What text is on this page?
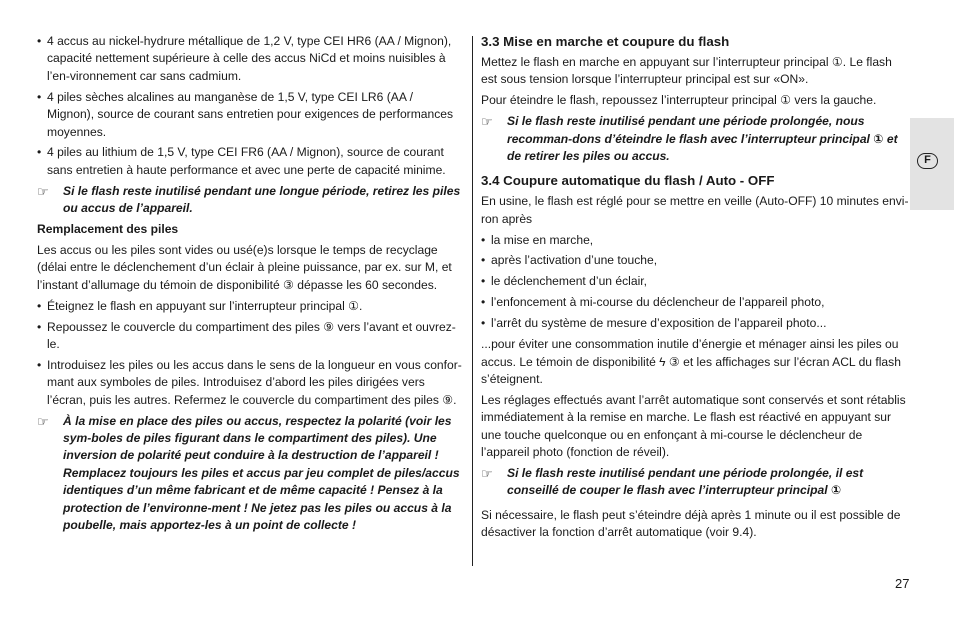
• 4 accus au nickel-hydrure métallique de 1,2 V, type CEI HR6 (AA / Mignon), capacité nettement supérieure à celle des accus NiCd et moins nuisibles à l’en-vironnement car sans cadmium.

• 4 piles sèches alcalines au manganèse de 1,5 V, type CEI LR6 (AA / Mignon), source de courant sans entretien pour exigences de performances moyennes.

• 4 piles au lithium de 1,5 V, type CEI FR6 (AA / Mignon), source de courant sans entretien à haute performance et avec une perte de capacité minime.

☞ Si le flash reste inutilisé pendant une longue période, retirez les piles ou accus de l’appareil.

Remplacement des piles

Les accus ou les piles sont vides ou usé(e)s lorsque le temps de recyclage (délai entre le déclenchement d’un éclair à pleine puissance, par ex. sur M, et l’instant d’allumage du témoin de disponibilité ③ dépasse les 60 secondes.

• Éteignez le flash en appuyant sur l’interrupteur principal ①.

• Repoussez le couvercle du compartiment des piles ⑨ vers l’avant et ouvrez-le.

• Introduisez les piles ou les accus dans le sens de la longueur en vous confor-mant aux symboles de piles. Introduisez d’abord les piles dirigées vers l’écran, puis les autres. Refermez le couvercle du compartiment des piles ⑨.

☞ À la mise en place des piles ou accus, respectez la polarité (voir les sym-boles de piles figurant dans le compartiment des piles). Une inversion de polarité peut conduire à la destruction de l’appareil ! Remplacez toujours les piles et accus par jeu complet de piles/accus identiques d’un même fabricant et de même capacité ! Pensez à la protection de l’environne-ment ! Ne jetez pas les piles ou accus à la poubelle, mais apportez-les à un point de collecte !
3.3 Mise en marche et coupure du flash

Mettez le flash en marche en appuyant sur l’interrupteur principal ①. Le flash est sous tension lorsque l’interrupteur principal est sur «ON».

Pour éteindre le flash, repoussez l’interrupteur principal ① vers la gauche.

☞ Si le flash reste inutilisé pendant une période prolongée, nous recomman-dons d’éteindre le flash avec l’interrupteur principal ① et de retirer les piles ou accus.
3.4 Coupure automatique du flash / Auto - OFF

En usine, le flash est réglé pour se mettre en veille (Auto-OFF) 10 minutes envi-ron après

• la mise en marche,

• après l’activation d’une touche,

• le déclenchement d’un éclair,

• l’enfoncement à mi-course du déclencheur de l’appareil photo,

• l’arrêt du système de mesure d’exposition de l’appareil photo...

...pour éviter une consommation inutile d’énergie et ménager ainsi les piles ou accus. Le témoin de disponibilité ϟ ③ et les affichages sur l’écran ACL du flash s’éteignent.

Les réglages effectués avant l’arrêt automatique sont conservés et sont rétablis immédiatement à la remise en marche. Le flash est réactivé en appuyant sur une touche quelconque ou en enfonçant à mi-course le déclencheur de l’appareil photo (fonction de réveil).

☞ Si le flash reste inutilisé pendant une période prolongée, il est conseillé de couper le flash avec l’interrupteur principal ①

Si nécessaire, le flash peut s’éteindre déjà après 1 minute ou il est possible de désactiver la fonction d’arrêt automatique (voir 9.4).

F
27
